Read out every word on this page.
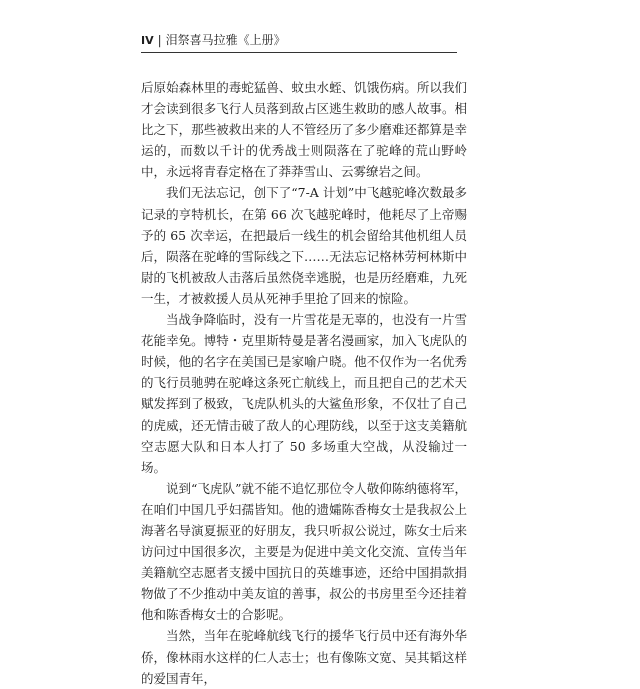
IV | 泪祭喜马拉雅《上册》

后原始森林里的毒蛇猛兽、蚊虫水蛭、饥饿伤病。所以我们才会读到很多飞行人员落到敌占区逃生救助的感人故事。相比之下，那些被救出来的人不管经历了多少磨难还都算是幸运的，而数以千计的优秀战士则陨落在了驼峰的荒山野岭中，永远将青春定格在了莽莽雪山、云雾缭岩之间。

我们无法忘记，创下了“7-A 计划”中飞越驼峰次数最多记录的亨特机长，在第 66 次飞越驼峰时，他耗尽了上帝赐予的 65 次幸运，在把最后一线生的机会留给其他机组人员后，陨落在驼峰的雪际线之下……无法忘记格林劳柯林斯中尉的飞机被敌人击落后虽然侥幸逃脱，也是历经磨难，九死一生，才被救援人员从死神手里抢了回来的惊险。

当战争降临时，没有一片雪花是无辜的，也没有一片雪花能幸免。博特・克里斯特曼是著名漫画家，加入飞虎队的时候，他的名字在美国已是家喻户晓。他不仅作为一名优秀的飞行员驰骋在驼峰这条死亡航线上，而且把自己的艺术天赋发挥到了极致，飞虎队机头的大鲨鱼形象，不仅壮了自己的虎威，还无情击破了敌人的心理防线，以至于这支美籍航空志愿大队和日本人打了 50 多场重大空战，从没输过一场。

说到“飞虎队”就不能不追忆那位令人敬仰陈纳德将军，在咱们中国几乎妇孺皆知。他的遗孀陈香梅女士是我叔公上海著名导演夏振亚的好朋友，我只听叔公说过，陈女士后来访问过中国很多次，主要是为促进中美文化交流、宣传当年美籍航空志愿者支援中国抗日的英雄事迹，还给中国捐款捐物做了不少推动中美友谊的善事，叔公的书房里至今还挂着他和陈香梅女士的合影呢。

当然，当年在驼峰航线飞行的援华飞行员中还有海外华侨，像林雨水这样的仁人志士；也有像陈文宽、吴其韬这样的爱国青年，
